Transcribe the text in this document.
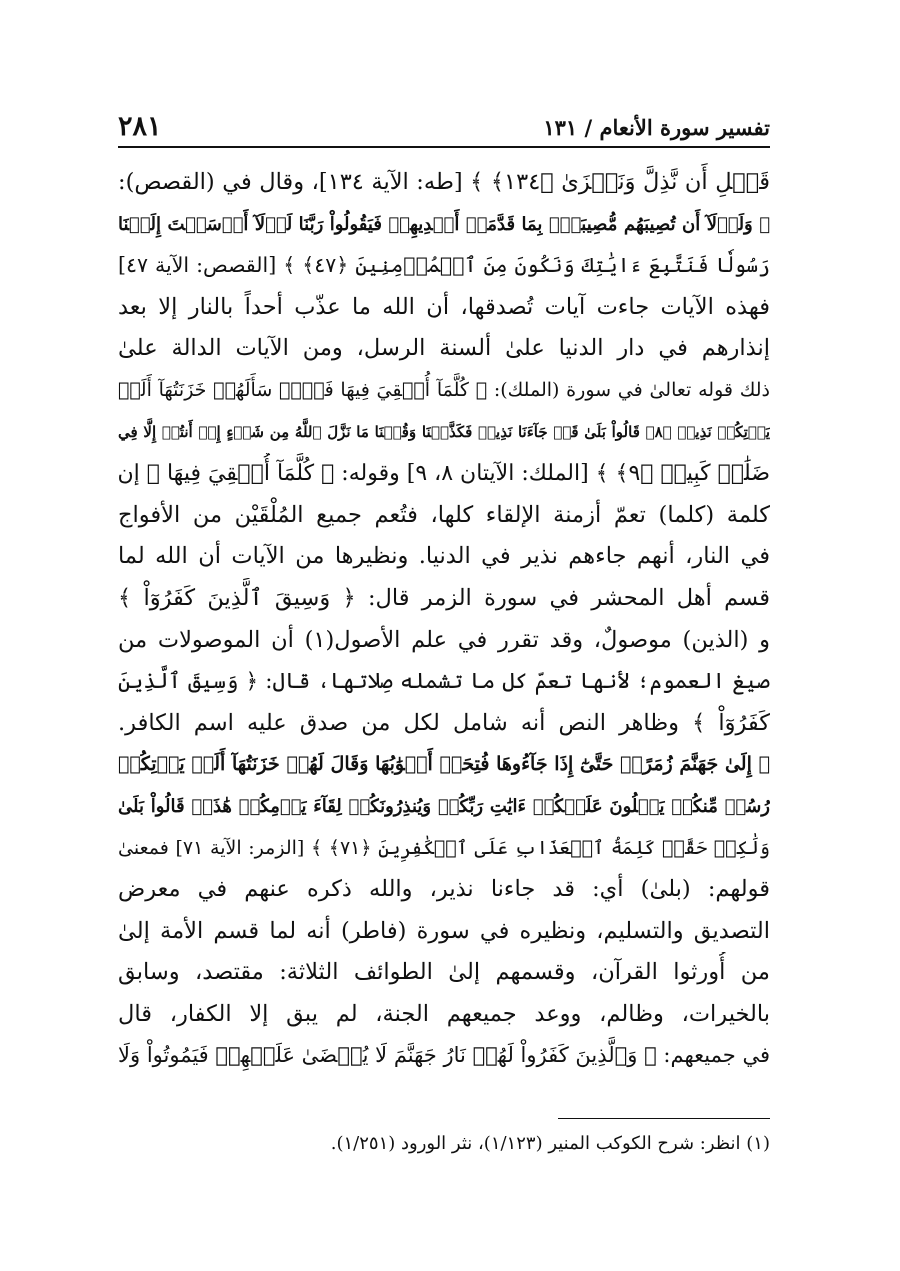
تفسير سورة الأنعام / ١٣١
٢٨١
قَبۡلِ أَن نَّذِلَّ وَنَخۡزَىٰ ﴿١٣٤﴾ ﴾ [طه: الآية ١٣٤]، وقال في (القصص):
﴿ وَلَوۡلَآ أَن تُصِيبَهُم مُّصِيبَةُۢ بِمَا قَدَّمَتۡ أَيۡدِيهِمۡ فَيَقُولُواْ رَبَّنَا لَوۡلَآ أَرۡسَلۡتَ إِلَيۡنَا
رَسُولٗا فَنَتَّبِعَ ءَايَٰتِكَ وَنَكُونَ مِنَ ٱلۡمُؤۡمِنِينَ ﴿٤٧﴾ ﴾ [القصص: الآية ٤٧]
فهذه الآيات جاءت آيات تُصدقها، أن الله ما عذّب أحداً بالنار إلا بعد
إنذارهم في دار الدنيا علىٰ ألسنة الرسل، ومن الآيات الدالة علىٰ
ذلك قوله تعالىٰ في سورة (الملك): ﴿ كُلَّمَآ أُلۡقِيَ فِيهَا فَوۡجٞ سَأَلَهُمۡ خَزَنَتُهَآ أَلَمۡ
يَأۡتِكُمۡ نَذِيرٞ ﴿٨﴾ قَالُواْ بَلَىٰ قَدۡ جَآءَنَا نَذِيرٞ فَكَذَّبۡنَا وَقُلۡنَا مَا نَزَّلَ ٱللَّهُ مِن شَيۡءٍ إِنۡ أَنتُمۡ إِلَّا فِي
ضَلَٰلٖ كَبِيرٖ ﴿٩﴾ ﴾ [الملك: الآيتان ٨، ٩] وقوله: ﴿ كُلَّمَآ أُلۡقِيَ فِيهَا ﴾ إن
كلمة (كلما) تعمّ أزمنة الإلقاء كلها، فتُعم جميع المُلْقَيْن من الأفواج
في النار، أنهم جاءهم نذير في الدنيا. ونظيرها من الآيات أن الله لما
قسم أهل المحشر في سورة الزمر قال: ﴿ وَسِيقَ ٱلَّذِينَ كَفَرُوٓاْ ﴾
و (الذين) موصولٌ، وقد تقرر في علم الأصول(١) أن الموصولات من
صيغ العموم؛ لأنها تعمّ كل ما تشمله صِلاتها، قال: ﴿ وَسِيقَ ٱلَّذِينَ
كَفَرُوٓاْ ﴾ وظاهر النص أنه شامل لكل من صدق عليه اسم الكافر.
﴿ إِلَىٰ جَهَنَّمَ زُمَرًاۖ حَتَّىٰٓ إِذَا جَآءُوهَا فُتِحَتۡ أَبۡوَٰبُهَا وَقَالَ لَهُمۡ خَزَنَتُهَآ أَلَمۡ يَأۡتِكُمۡ
رُسُلٞ مِّنكُمۡ يَتۡلُونَ عَلَيۡكُمۡ ءَايَٰتِ رَبِّكُمۡ وَيُنذِرُونَكُمۡ لِقَآءَ يَوۡمِكُمۡ هَٰذَاۚ قَالُواْ بَلَىٰ
وَلَٰكِنۡ حَقَّتۡ كَلِمَةُ ٱلۡعَذَابِ عَلَى ٱلۡكَٰفِرِينَ ﴿٧١﴾ ﴾ [الزمر: الآية ٧١] فمعنىٰ
قولهم: (بلىٰ) أي: قد جاءنا نذير، والله ذكره عنهم في معرض
التصديق والتسليم، ونظيره في سورة (فاطر) أنه لما قسم الأمة إلىٰ
من أُورثوا القرآن، وقسمهم إلىٰ الطوائف الثلاثة: مقتصد، وسابق
بالخيرات، وظالم، ووعد جميعهم الجنة، لم يبق إلا الكفار، قال
في جميعهم: ﴿ وَٱلَّذِينَ كَفَرُواْ لَهُمۡ نَارُ جَهَنَّمَ لَا يُقۡضَىٰ عَلَيۡهِمۡ فَيَمُوتُواْ وَلَا
(١) انظر: شرح الكوكب المنير (١/١٢٣)، نثر الورود (١/٢٥١).
